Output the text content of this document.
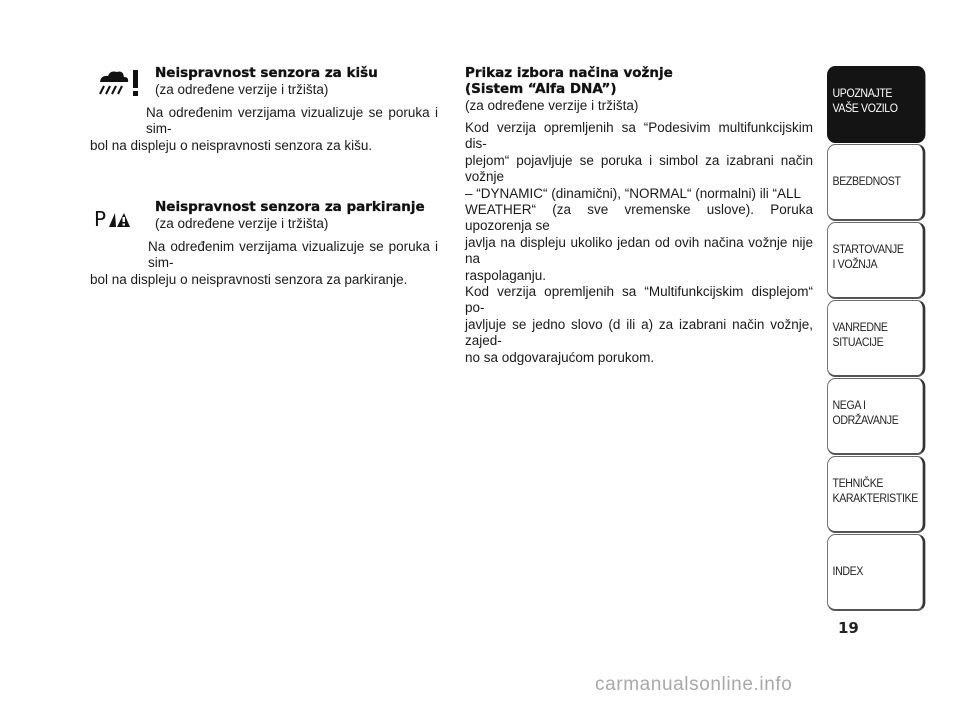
Neispravnost senzora za kišu
(za određene verzije i tržišta)
Na određenim verzijama vizualizuje se poruka i sim-
bol na displeju o neispravnosti senzora za kišu.
P	Neispravnost senzora za parkiranje
(za određene verzije i tržišta)
Na određenim verzijama vizualizuje se poruka i sim-
bol na displeju o neispravnosti senzora za parkiranje.
Prikaz izbora načina vožnje
(Sistem “Alfa DNA”)
(za određene verzije i tržišta)
Kod verzija opremljenih sa “Podesivim multifunkcijskim dis-
plejom“ pojavljuje se poruka i simbol za izabrani način vožnje
– “DYNAMIC“ (dinamični), “NORMAL“ (normalni) ili “ALL
WEATHER“ (za sve vremenske uslove). Poruka upozorenja se
javlja na displeju ukoliko jedan od ovih načina vožnje nije na
raspolaganju.
Kod verzija opremljenih sa “Multifunkcijskim displejom“ po-
javljuje se jedno slovo (d ili a) za izabrani način vožnje, zajed-
no sa odgovarajućom porukom.
UPOZNAJTE
VAŠE VOZILO
BEZBEDNOST
STARTOVANJE
I VOŽNJA
VANREDNE
SITUACIJE
NEGA I
ODRŽAVANJE
TEHNIČKE
KARAKTERISTIKE
INDEX
19
carmanualsonline.info
